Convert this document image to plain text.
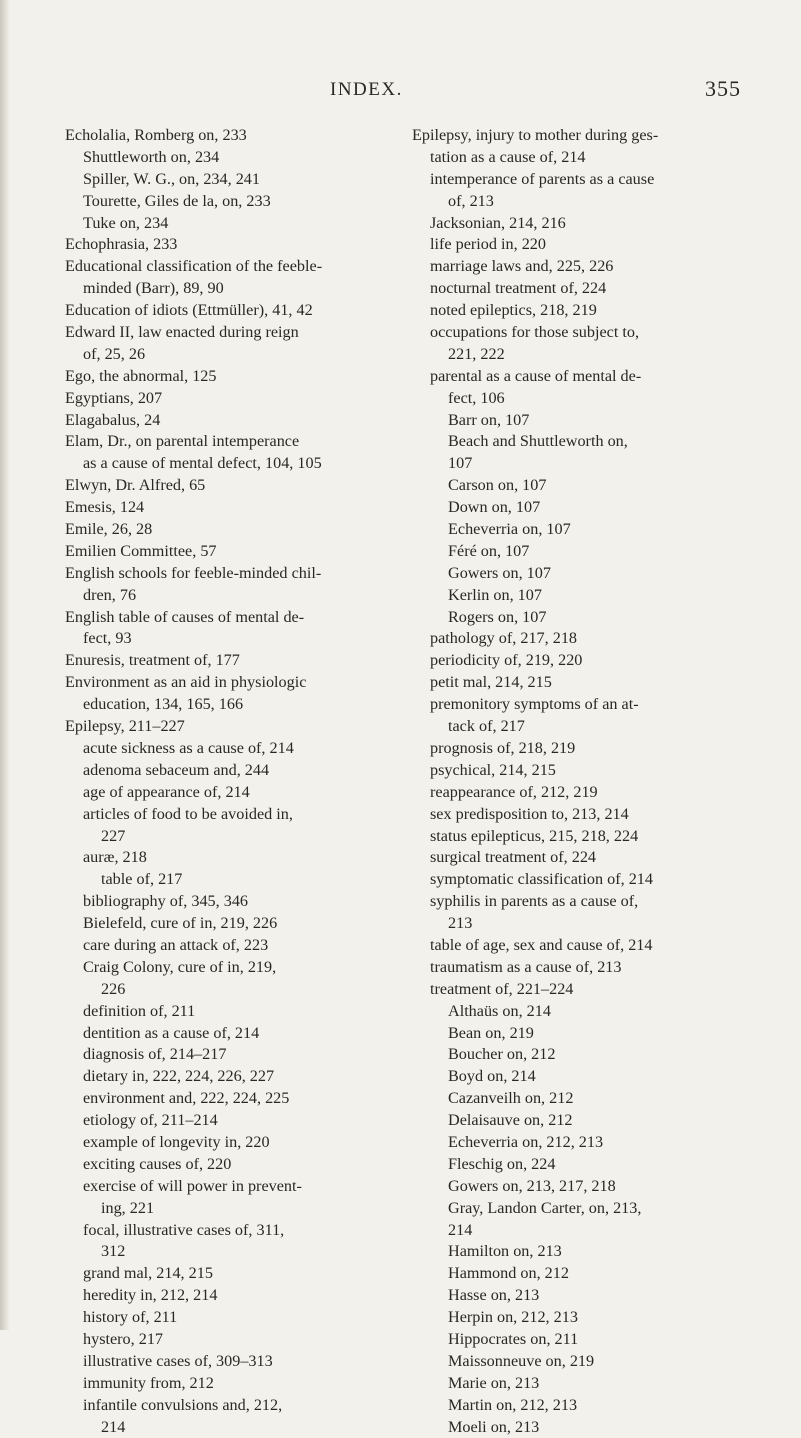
INDEX.	355
Echolalia, Romberg on, 233
Shuttleworth on, 234
Spiller, W. G., on, 234, 241
Tourette, Giles de la, on, 233
Tuke on, 234
Echophrasia, 233
Educational classification of the feeble-
minded (Barr), 89, 90
Education of idiots (Ettmüller), 41, 42
Edward II, law enacted during reign
of, 25, 26
Ego, the abnormal, 125
Egyptians, 207
Elagabalus, 24
Elam, Dr., on parental intemperance
as a cause of mental defect, 104, 105
Elwyn, Dr. Alfred, 65
Emesis, 124
Emile, 26, 28
Emilien Committee, 57
English schools for feeble-minded chil-
dren, 76
English table of causes of mental de-
fect, 93
Enuresis, treatment of, 177
Environment as an aid in physiologic
education, 134, 165, 166
Epilepsy, 211–227
acute sickness as a cause of, 214
adenoma sebaceum and, 244
age of appearance of, 214
articles of food to be avoided in,
227
auræ, 218
table of, 217
bibliography of, 345, 346
Bielefeld, cure of in, 219, 226
care during an attack of, 223
Craig Colony, cure of in, 219,
226
definition of, 211
dentition as a cause of, 214
diagnosis of, 214–217
dietary in, 222, 224, 226, 227
environment and, 222, 224, 225
etiology of, 211–214
example of longevity in, 220
exciting causes of, 220
exercise of will power in prevent-
ing, 221
focal, illustrative cases of, 311,
312
grand mal, 214, 215
heredity in, 212, 214
history of, 211
hystero, 217
illustrative cases of, 309–313
immunity from, 212
infantile convulsions and, 212,
214
Epilepsy, injury to mother during ges-
tation as a cause of, 214
intemperance of parents as a cause
of, 213
Jacksonian, 214, 216
life period in, 220
marriage laws and, 225, 226
nocturnal treatment of, 224
noted epileptics, 218, 219
occupations for those subject to,
221, 222
parental as a cause of mental de-
fect, 106
Barr on, 107
Beach and Shuttleworth on,
107
Carson on, 107
Down on, 107
Echeverria on, 107
Féré on, 107
Gowers on, 107
Kerlin on, 107
Rogers on, 107
pathology of, 217, 218
periodicity of, 219, 220
petit mal, 214, 215
premonitory symptoms of an at-
tack of, 217
prognosis of, 218, 219
psychical, 214, 215
reappearance of, 212, 219
sex predisposition to, 213, 214
status epilepticus, 215, 218, 224
surgical treatment of, 224
symptomatic classification of, 214
syphilis in parents as a cause of,
213
table of age, sex and cause of, 214
traumatism as a cause of, 213
treatment of, 221–224
Althaüs on, 214
Bean on, 219
Boucher on, 212
Boyd on, 214
Cazanveilh on, 212
Delaisauve on, 212
Echeverria on, 212, 213
Fleschig on, 224
Gowers on, 213, 217, 218
Gray, Landon Carter, on, 213,
214
Hamilton on, 213
Hammond on, 212
Hasse on, 213
Herpin on, 212, 213
Hippocrates on, 211
Maissonneuve on, 219
Marie on, 213
Martin on, 212, 213
Moeli on, 213
